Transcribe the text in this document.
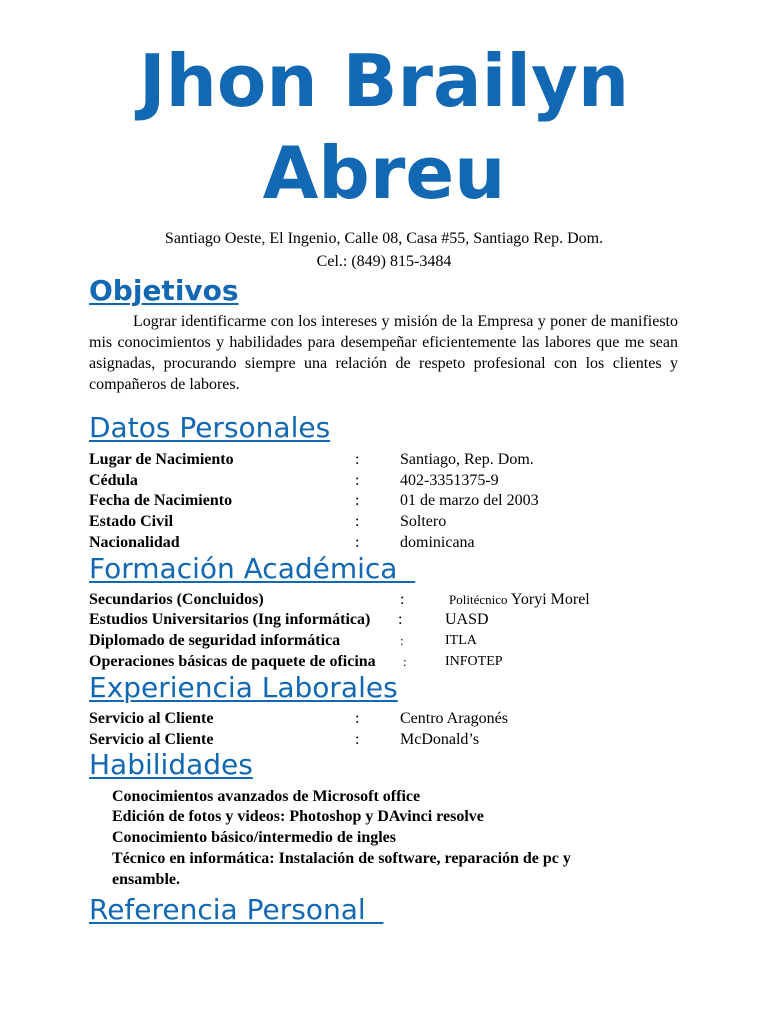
Jhon Brailyn
Abreu
Santiago Oeste, El Ingenio, Calle 08, Casa #55, Santiago Rep. Dom.
Cel.: (849) 815-3484
Objetivos

Lograr identificarme con los intereses y misión de la Empresa y poner de manifiesto mis conocimientos y habilidades para desempeñar eficientemente las labores que me sean asignadas, procurando siempre una relación de respeto profesional con los clientes y compañeros de labores.

Datos Personales
Lugar de Nacimiento	:	Santiago, Rep. Dom.
Cédula	:	402-3351375-9
Fecha de Nacimiento	:	01 de marzo del 2003
Estado Civil	:	Soltero
Nacionalidad	:	dominicana
Formación Académica
Secundarios (Concluidos)	:	Politécnico Yoryi Morel
Estudios Universitarios (Ing informática) :	UASD
Diplomado de seguridad informática	:	ITLA
Operaciones básicas de paquete de oficina :	INFOTEP
Experiencia Laborales
Servicio al Cliente	:	Centro Aragonés
Servicio al Cliente	:	McDonald’s
Habilidades
Conocimientos avanzados de Microsoft office
Edición de fotos y videos: Photoshop y DAvinci resolve
Conocimiento básico/intermedio de ingles
Técnico en informática: Instalación de software, reparación de pc y ensamble.
Referencia Personal
